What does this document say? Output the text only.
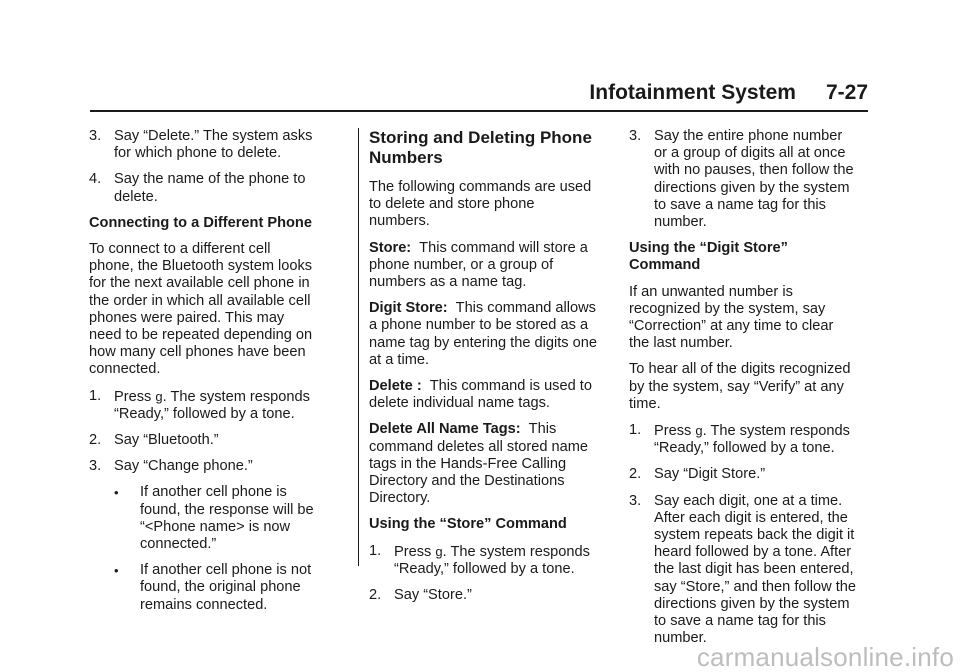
Infotainment System 7-27
3. Say “Delete.” The system asks for which phone to delete.
4. Say the name of the phone to delete.
Connecting to a Different Phone
To connect to a different cell phone, the Bluetooth system looks for the next available cell phone in the order in which all available cell phones were paired. This may need to be repeated depending on how many cell phones have been connected.
1. Press g. The system responds “Ready,” followed by a tone.
2. Say “Bluetooth.”
3. Say “Change phone.”
• If another cell phone is found, the response will be “<Phone name> is now connected.”
• If another cell phone is not found, the original phone remains connected.
Storing and Deleting Phone Numbers
The following commands are used to delete and store phone numbers.
Store: This command will store a phone number, or a group of numbers as a name tag.
Digit Store: This command allows a phone number to be stored as a name tag by entering the digits one at a time.
Delete : This command is used to delete individual name tags.
Delete All Name Tags: This command deletes all stored name tags in the Hands-Free Calling Directory and the Destinations Directory.
Using the “Store” Command
1. Press g. The system responds “Ready,” followed by a tone.
2. Say “Store.”
3. Say the entire phone number or a group of digits all at once with no pauses, then follow the directions given by the system to save a name tag for this number.
Using the “Digit Store” Command
If an unwanted number is recognized by the system, say “Correction” at any time to clear the last number.
To hear all of the digits recognized by the system, say “Verify” at any time.
1. Press g. The system responds “Ready,” followed by a tone.
2. Say “Digit Store.”
3. Say each digit, one at a time. After each digit is entered, the system repeats back the digit it heard followed by a tone. After the last digit has been entered, say “Store,” and then follow the directions given by the system to save a name tag for this number.
carmanualsonline.info
